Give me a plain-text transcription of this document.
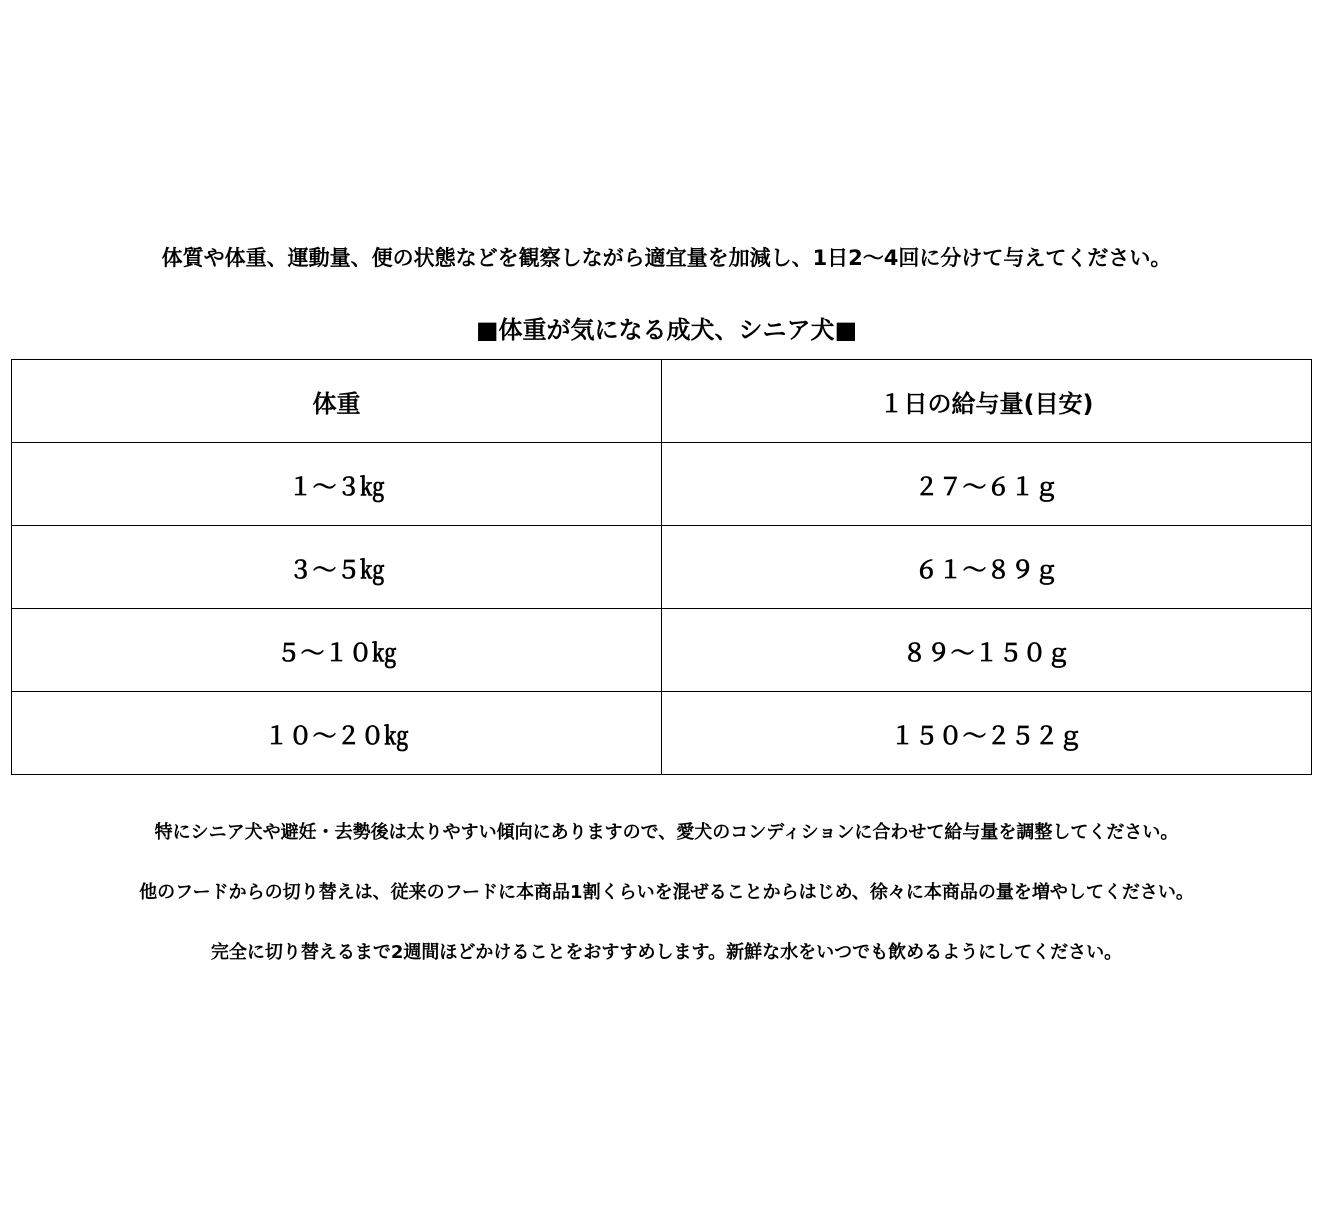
体質や体重、運動量、便の状態などを観察しながら適宜量を加減し、1日2～4回に分けて与えてください。
■体重が気になる成犬、シニア犬■
体重	１日の給与量(目安)
１～３㎏	２７～６１ｇ
３～５㎏	６１～８９ｇ
５～１０㎏	８９～１５０ｇ
１０～２０㎏	１５０～２５２ｇ
特にシニア犬や避妊・去勢後は太りやすい傾向にありますので、愛犬のコンディションに合わせて給与量を調整してください。
他のフードからの切り替えは、従来のフードに本商品1割くらいを混ぜることからはじめ、徐々に本商品の量を増やしてください。
完全に切り替えるまで2週間ほどかけることをおすすめします。新鮮な水をいつでも飲めるようにしてください。
